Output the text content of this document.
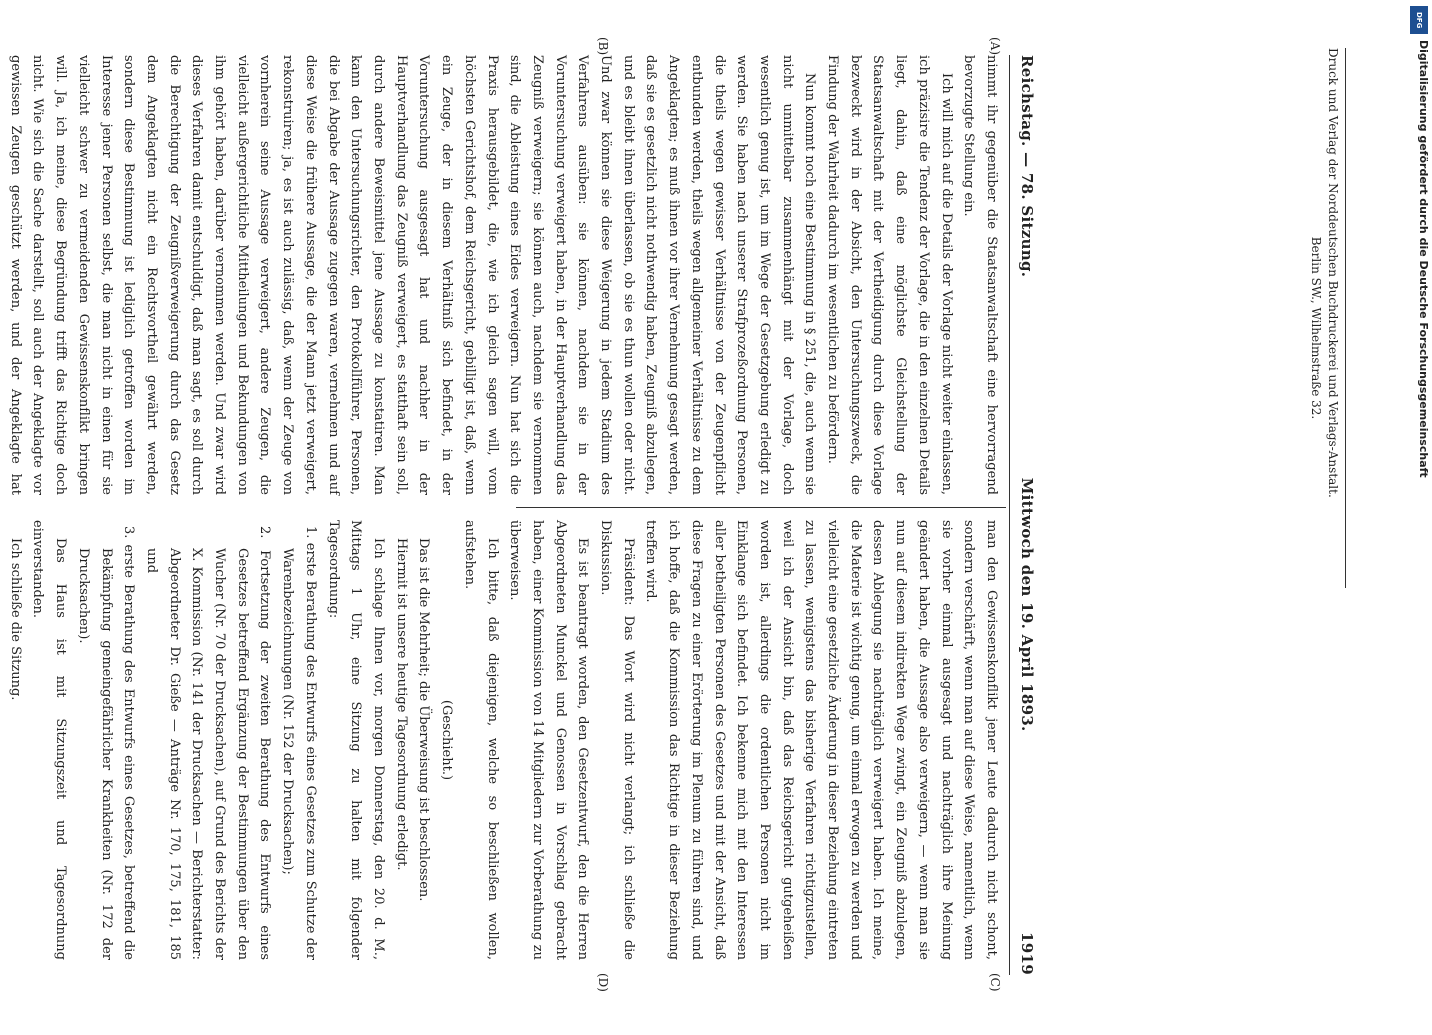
Reichstag. — 78. Sitzung.
Mittwoch den 19. April 1893.
1919
(A)
(B)
(C)
(D)

nimmt ihr gegenüber die Staatsanwaltschaft eine hervorragend bevorzugte Stellung ein.

Ich will mich auf die Details der Vorlage nicht weiter einlassen, ich präzisire die Tendenz der Vorlage, die in den einzelnen Details liegt, dahin, daß eine möglichste Gleichstellung der Staatsanwaltschaft mit der Vertheidigung durch diese Vorlage bezweckt wird in der Absicht, den Untersuchungszweck, die Findung der Wahrheit dadurch im wesentlichen zu befördern.

Nun kommt noch eine Bestimmung in § 251, die, auch wenn sie nicht unmittelbar zusammenhängt mit der Vorlage, doch wesentlich genug ist, um im Wege der Gesetzgebung erledigt zu werden. Sie haben nach unserer Strafprozeßordnung Personen, die theils wegen gewisser Verhältnisse von der Zeugenpflicht entbunden werden, theils wegen allgemeiner Verhältnisse zu dem Angeklagten; es muß ihnen vor ihrer Vernehmung gesagt werden, daß sie es gesetzlich nicht nothwendig haben, Zeugniß abzulegen, und es bleibt ihnen überlassen, ob sie es thun wollen oder nicht. Und zwar können sie diese Weigerung in jedem Stadium des Verfahrens ausüben: sie können, nachdem sie in der Voruntersuchung verweigert haben, in der Hauptverhandlung das Zeugniß verweigern; sie können auch, nachdem sie vernommen sind, die Ableistung eines Eides verweigern. Nun hat sich die Praxis herausgebildet, die, wie ich gleich sagen will, vom höchsten Gerichtshof, dem Reichsgericht, gebilligt ist, daß, wenn ein Zeuge, der in diesem Verhältniß sich befindet, in der Voruntersuchung ausgesagt hat und nachher in der Hauptverhandlung das Zeugniß verweigert, es statthaft sein soll, durch andere Beweismittel jene Aussage zu konstatiren. Man kann den Untersuchungsrichter, den Protokollführer, Personen, die bei Abgabe der Aussage zugegen waren, vernehmen und auf diese Weise die frühere Aussage, die der Mann jetzt verweigert, rekonstruiren; ja, es ist auch zulässig, daß, wenn der Zeuge von vornherein seine Aussage verweigert, andere Zeugen, die vielleicht außergerichtliche Mittheilungen und Bekundungen von ihm gehört haben, darüber vernommen werden. Und zwar wird dieses Verfahren damit entschuldigt, daß man sagt, es soll durch die Berechtigung der Zeugnißverweigerung durch das Gesetz dem Angeklagten nicht ein Rechtsvortheil gewährt werden, sondern diese Bestimmung ist lediglich getroffen worden im Interesse jener Personen selbst, die man nicht in einen für sie vielleicht schwer zu vermeidenden Gewissenskonflikt bringen will. Ja, ich meine, diese Begründung trifft das Richtige doch nicht. Wie sich die Sache darstellt, soll auch der Angeklagte vor gewissen Zeugen geschützt werden, und der Angeklagte hat

man den Gewissenskonflikt jener Leute dadurch nicht schont, sondern verschärft, wenn man auf diese Weise, namentlich, wenn sie vorher einmal ausgesagt und nachträglich ihre Meinung geändert haben, die Aussage also verweigern, — wenn man sie nun auf diesem indirekten Wege zwingt, ein Zeugniß abzulegen, dessen Ablegung sie nachträglich verweigert haben. Ich meine, die Materie ist wichtig genug, um einmal erwogen zu werden und vielleicht eine gesetzliche Änderung in dieser Beziehung eintreten zu lassen, wenigstens das bisherige Verfahren richtigzustellen, weil ich der Ansicht bin, daß das Reichsgericht gutgeheißen worden ist, allerdings die ordentlichen Personen nicht im Einklange sich befindet. Ich bekenne mich mit den Interessen aller betheiligten Personen des Gesetzes und mit der Ansicht, daß diese Fragen zu einer Erörterung im Plenum zu führen sind, und ich hoffe, daß die Kommission das Richtige in dieser Beziehung treffen wird.

Präsident: Das Wort wird nicht verlangt; ich schließe die Diskussion.

Es ist beantragt worden, den Gesetzentwurf, den die Herren Abgeordneten Munckel und Genossen in Vorschlag gebracht haben, einer Kommission von 14 Mitgliedern zur Vorberathung zu überweisen.

Ich bitte, daß diejenigen, welche so beschließen wollen, aufstehen.

(Geschieht.)

Das ist die Mehrheit; die Überweisung ist beschlossen.

Hiermit ist unsere heutige Tagesordnung erledigt.

Ich schlage Ihnen vor, morgen Donnerstag, den 20. d. M., Mittags 1 Uhr, eine Sitzung zu halten mit folgender Tagesordnung:

1. erste Berathung des Entwurfs eines Gesetzes zum Schutze der Warenbezeichnungen (Nr. 152 der Drucksachen);

2. Fortsetzung der zweiten Berathung des Entwurfs eines Gesetzes betreffend Ergänzung der Bestimmungen über den Wucher (Nr. 70 der Drucksachen), auf Grund des Berichts der X. Kommission (Nr. 141 der Drucksachen — Berichterstatter: Abgeordneter Dr. Gieße — Anträge Nr. 170, 175, 181, 185 und

3. erste Berathung des Entwurfs eines Gesetzes, betreffend die Bekämpfung gemeingefährlicher Krankheiten (Nr. 172 der Drucksachen).

Das Haus ist mit Sitzungszeit und Tagesordnung einverstanden.

Ich schließe die Sitzung.

Druck und Verlag der Norddeutschen Buchdruckerei und Verlags-Anstalt.
Berlin SW., Wilhelmstraße 32.
DFG
Digitalisierung gefördert durch die Deutsche Forschungsgemeinschaft
